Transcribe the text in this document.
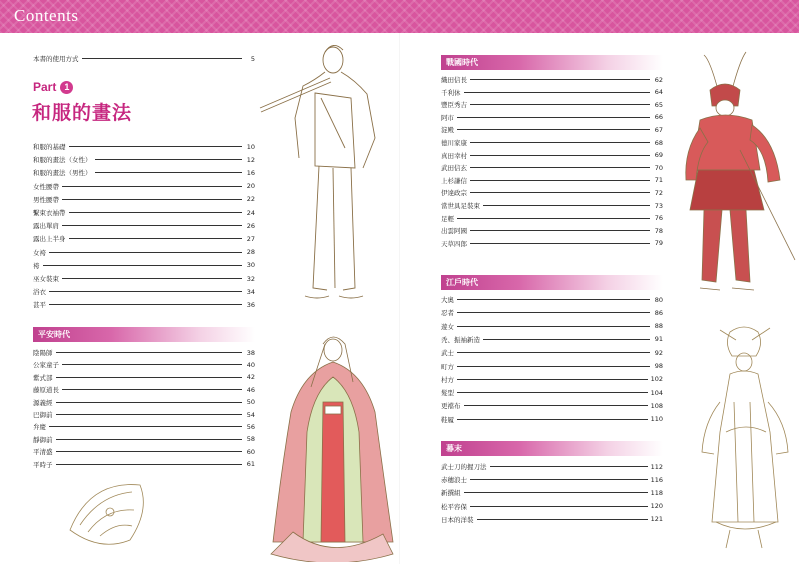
Contents
本書的使用方式	5
Part 1
和服的畫法
和服的基礎	10
和服的畫法（女性）	12
和服的畫法（男性）	16
女性腰帶	20
男性腰帶	22
繫束衣袖帶	24
露出單肩	26
露出上半身	27
女袴	28
袴	30
巫女裝束	32
浴衣	34
甚平	36
平安時代
陰陽師	38
公家童子	40
紫式部	42
藤原道長	46
源義經	50
巴御前	54
弁慶	56
靜御前	58
平清盛	60
平時子	61
戰國時代
織田信長	62
千利休	64
豐臣秀吉	65
阿市	66
淀殿	67
德川家康	68
真田幸村	69
武田信玄	70
上杉謙信	71
伊達政宗	72
當世具足裝束	73
足輕	76
出雲阿國	78
天草四郎	79
江戶時代
大奧	80
忍者	86
遊女	88
秃、振袖新造	91
武士	92
町方	98
村方	102
髮型	104
更襠布	108
鞋履	110
幕末
武士刀的握刀法	112
赤穗浪士	116
新撰組	118
松平容保	120
日本的洋裝	121
